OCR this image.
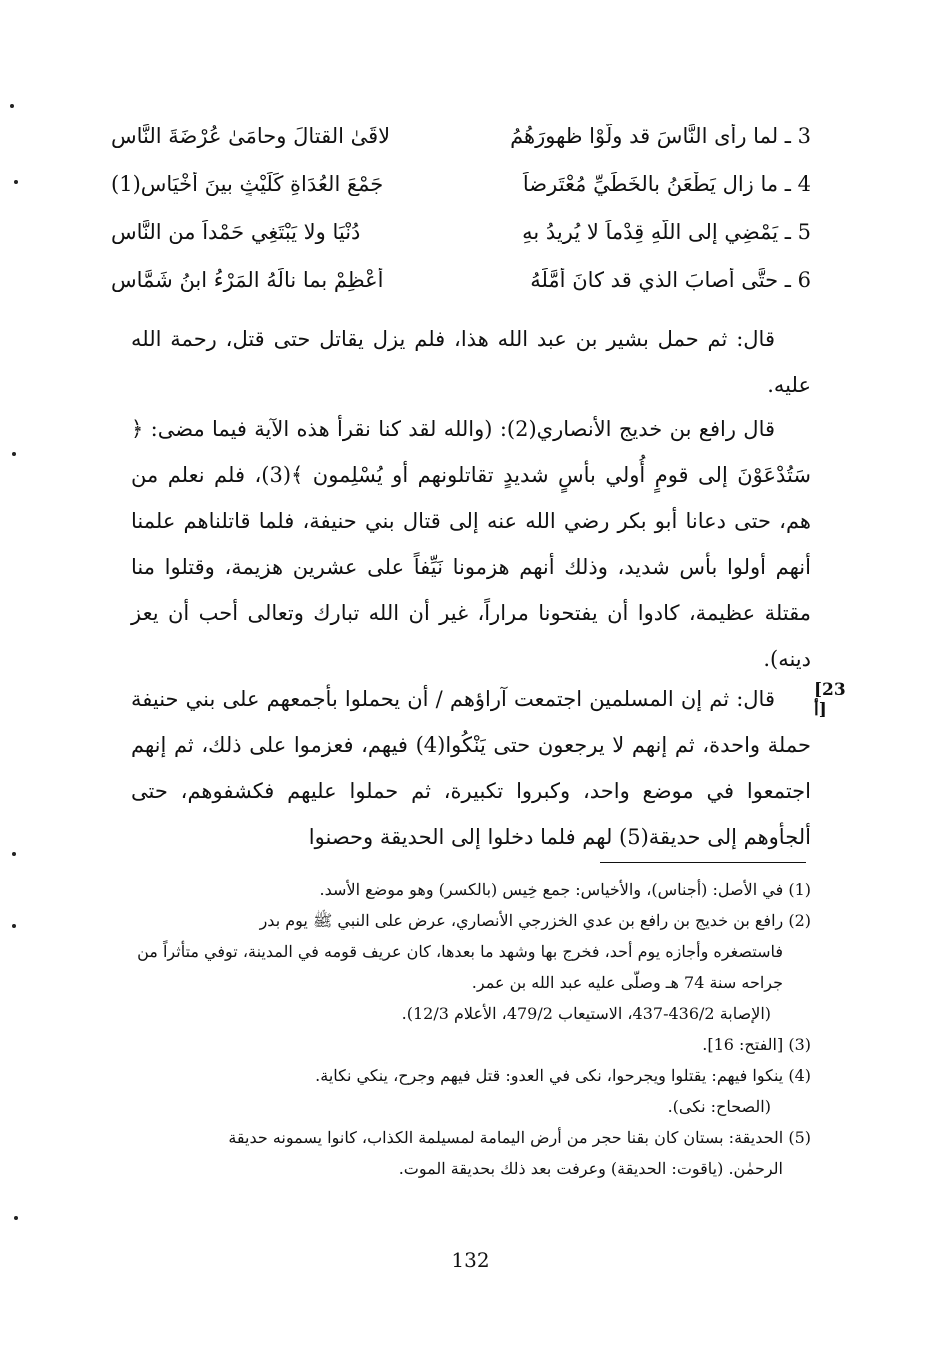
3 ـ لما رأى النَّاسَ قد ولَّوْا ظهورَهُمُ
لاقَىٰ القتالَ وحامَىٰ عُرْضَةَ النَّاسِ
4 ـ ما زال يَطْعَنُ بالخَطِّيِّ مُعْتَرِضاً
جَمْعَ العُدَاةِ كَلَيْثٍ بينَ أَخْيَاسِ(1)
5 ـ يَمْضِي إلى اللّهِ قِدْماً لا يُرِيدُ بهِ
دُنْيَا ولا يَبْتَغِي حَمْداً من النَّاسِ
6 ـ حتَّى أصابَ الذي قد كانَ أَمَّلَهُ
أعْظِمْ بما نالَهُ المَرْءُ ابنُ شَمَّاسِ
قال: ثم حمل بشير بن عبد الله هذا، فلم يزل يقاتل حتى قتل، رحمة الله عليه.
قال رافع بن خديج الأنصاري(2): (والله لقد كنا نقرأ هذه الآية فيما مضى: ﴿ سَتُدْعَوْنَ إلى قومٍ أُولي بأسٍ شديدٍ تقاتلونهم أو يُسْلِمون ﴾(3)، فلم نعلم من هم، حتى دعانا أبو بكر رضي الله عنه إلى قتال بني حنيفة، فلما قاتلناهم علمنا أنهم أولوا بأس شديد، وذلك أنهم هزمونا نَيِّفاً على عشرين هزيمة، وقتلوا منا مقتلة عظيمة، كادوا أن يفتحونا مراراً، غير أن الله تبارك وتعالى أحب أن يعز دينه).
[23 أ]
قال: ثم إن المسلمين اجتمعت آراؤهم / أن يحملوا بأجمعهم على بني حنيفة حملة واحدة، ثم إنهم لا يرجعون حتى يَنْكُوا(4) فيهم، فعزموا على ذلك، ثم إنهم اجتمعوا في موضع واحد، وكبروا تكبيرة، ثم حملوا عليهم فكشفوهم، حتى ألجأوهم إلى حديقة(5) لهم فلما دخلوا إلى الحديقة وحصنوا

(1) في الأصل: (أجناس)، والأخياس: جمع خِيس (بالكسر) وهو موضع الأسد.

(2) رافع بن خديج بن رافع بن عدي الخزرجي الأنصاري، عرض على النبي ﷺ يوم بدر
فاستصغره وأجازه يوم أحد، فخرج بها وشهد ما بعدها، كان عريف قومه في المدينة، توفي متأثراً من جراحه سنة 74 هـ وصلّى عليه عبد الله بن عمر.
(الإصابة 436/2-437، الاستيعاب 479/2، الأعلام 12/3).

(3) [الفتح: 16].

(4) ينكوا فيهم: يقتلوا ويجرحوا، نكى في العدو: قتل فيهم وجرح، ينكي نكاية.
(الصحاح: نكى).

(5) الحديقة: بستان كان بقنا حجر من أرض اليمامة لمسيلمة الكذاب، كانوا يسمونه حديقة
الرحمٰن. (ياقوت: الحديقة) وعرفت بعد ذلك بحديقة الموت.

132
